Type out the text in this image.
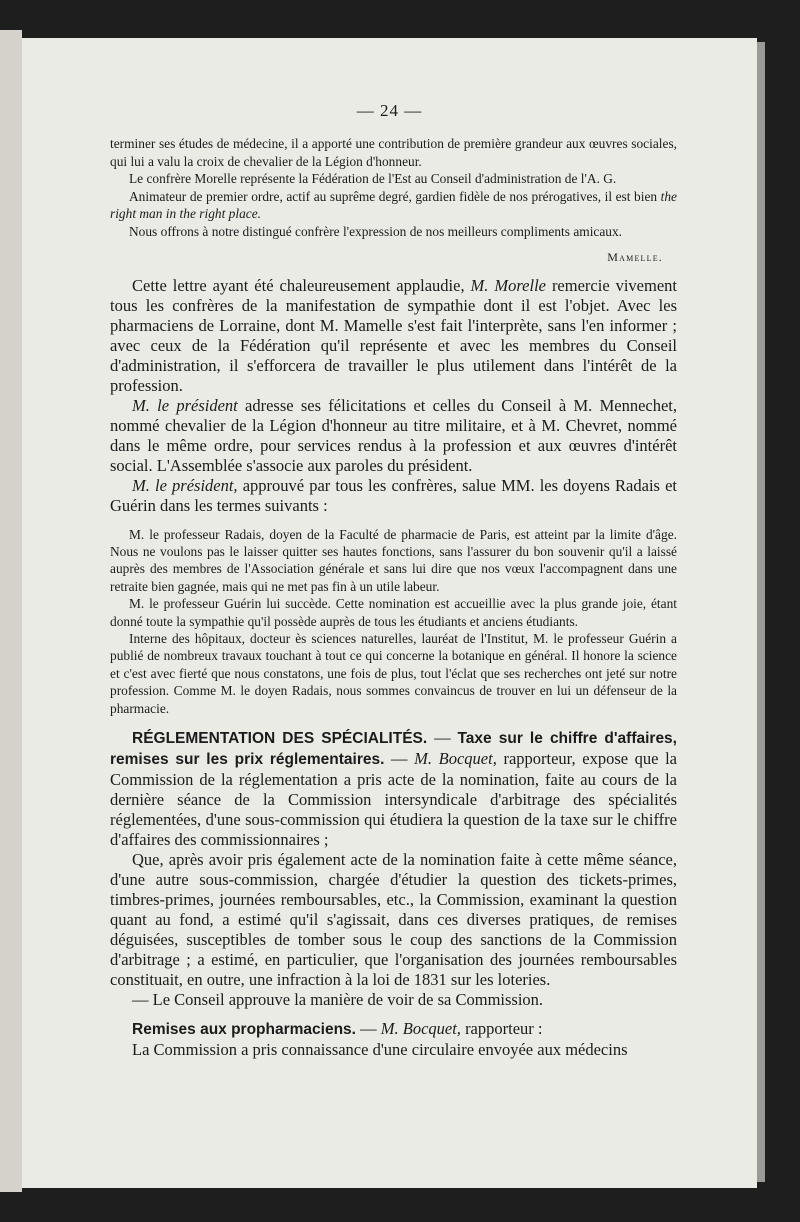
— 24 —

terminer ses études de médecine, il a apporté une contribution de première grandeur aux œuvres sociales, qui lui a valu la croix de chevalier de la Légion d'honneur.

Le confrère Morelle représente la Fédération de l'Est au Conseil d'administration de l'A. G.

Animateur de premier ordre, actif au suprême degré, gardien fidèle de nos prérogatives, il est bien the right man in the right place.

Nous offrons à notre distingué confrère l'expression de nos meilleurs compliments amicaux.

Mamelle.

Cette lettre ayant été chaleureusement applaudie, M. Morelle remercie vivement tous les confrères de la manifestation de sympathie dont il est l'objet. Avec les pharmaciens de Lorraine, dont M. Mamelle s'est fait l'interprète, sans l'en informer ; avec ceux de la Fédération qu'il représente et avec les membres du Conseil d'administration, il s'efforcera de travailler le plus utilement dans l'intérêt de la profession.

M. le président adresse ses félicitations et celles du Conseil à M. Mennechet, nommé chevalier de la Légion d'honneur au titre militaire, et à M. Chevret, nommé dans le même ordre, pour services rendus à la profession et aux œuvres d'intérêt social. L'Assemblée s'associe aux paroles du président.

M. le président, approuvé par tous les confrères, salue MM. les doyens Radais et Guérin dans les termes suivants :

M. le professeur Radais, doyen de la Faculté de pharmacie de Paris, est atteint par la limite d'âge. Nous ne voulons pas le laisser quitter ses hautes fonctions, sans l'assurer du bon souvenir qu'il a laissé auprès des membres de l'Association générale et sans lui dire que nos vœux l'accompagnent dans une retraite bien gagnée, mais qui ne met pas fin à un utile labeur.

M. le professeur Guérin lui succède. Cette nomination est accueillie avec la plus grande joie, étant donné toute la sympathie qu'il possède auprès de tous les étudiants et anciens étudiants.

Interne des hôpitaux, docteur ès sciences naturelles, lauréat de l'Institut, M. le professeur Guérin a publié de nombreux travaux touchant à tout ce qui concerne la botanique en général. Il honore la science et c'est avec fierté que nous constatons, une fois de plus, tout l'éclat que ses recherches ont jeté sur notre profession. Comme M. le doyen Radais, nous sommes convaincus de trouver en lui un défenseur de la pharmacie.

RÉGLEMENTATION DES SPÉCIALITÉS. — Taxe sur le chiffre d'affaires, remises sur les prix réglementaires. — M. Bocquet, rapporteur, expose que la Commission de la réglementation a pris acte de la nomination, faite au cours de la dernière séance de la Commission intersyndicale d'arbitrage des spécialités réglementées, d'une sous-commission qui étudiera la question de la taxe sur le chiffre d'affaires des commissionnaires ;

Que, après avoir pris également acte de la nomination faite à cette même séance, d'une autre sous-commission, chargée d'étudier la question des tickets-primes, timbres-primes, journées remboursables, etc., la Commission, examinant la question quant au fond, a estimé qu'il s'agissait, dans ces diverses pratiques, de remises déguisées, susceptibles de tomber sous le coup des sanctions de la Commission d'arbitrage ; a estimé, en particulier, que l'organisation des journées remboursables constituait, en outre, une infraction à la loi de 1831 sur les loteries.

— Le Conseil approuve la manière de voir de sa Commission.

Remises aux propharmaciens. — M. Bocquet, rapporteur :

La Commission a pris connaissance d'une circulaire envoyée aux médecins
